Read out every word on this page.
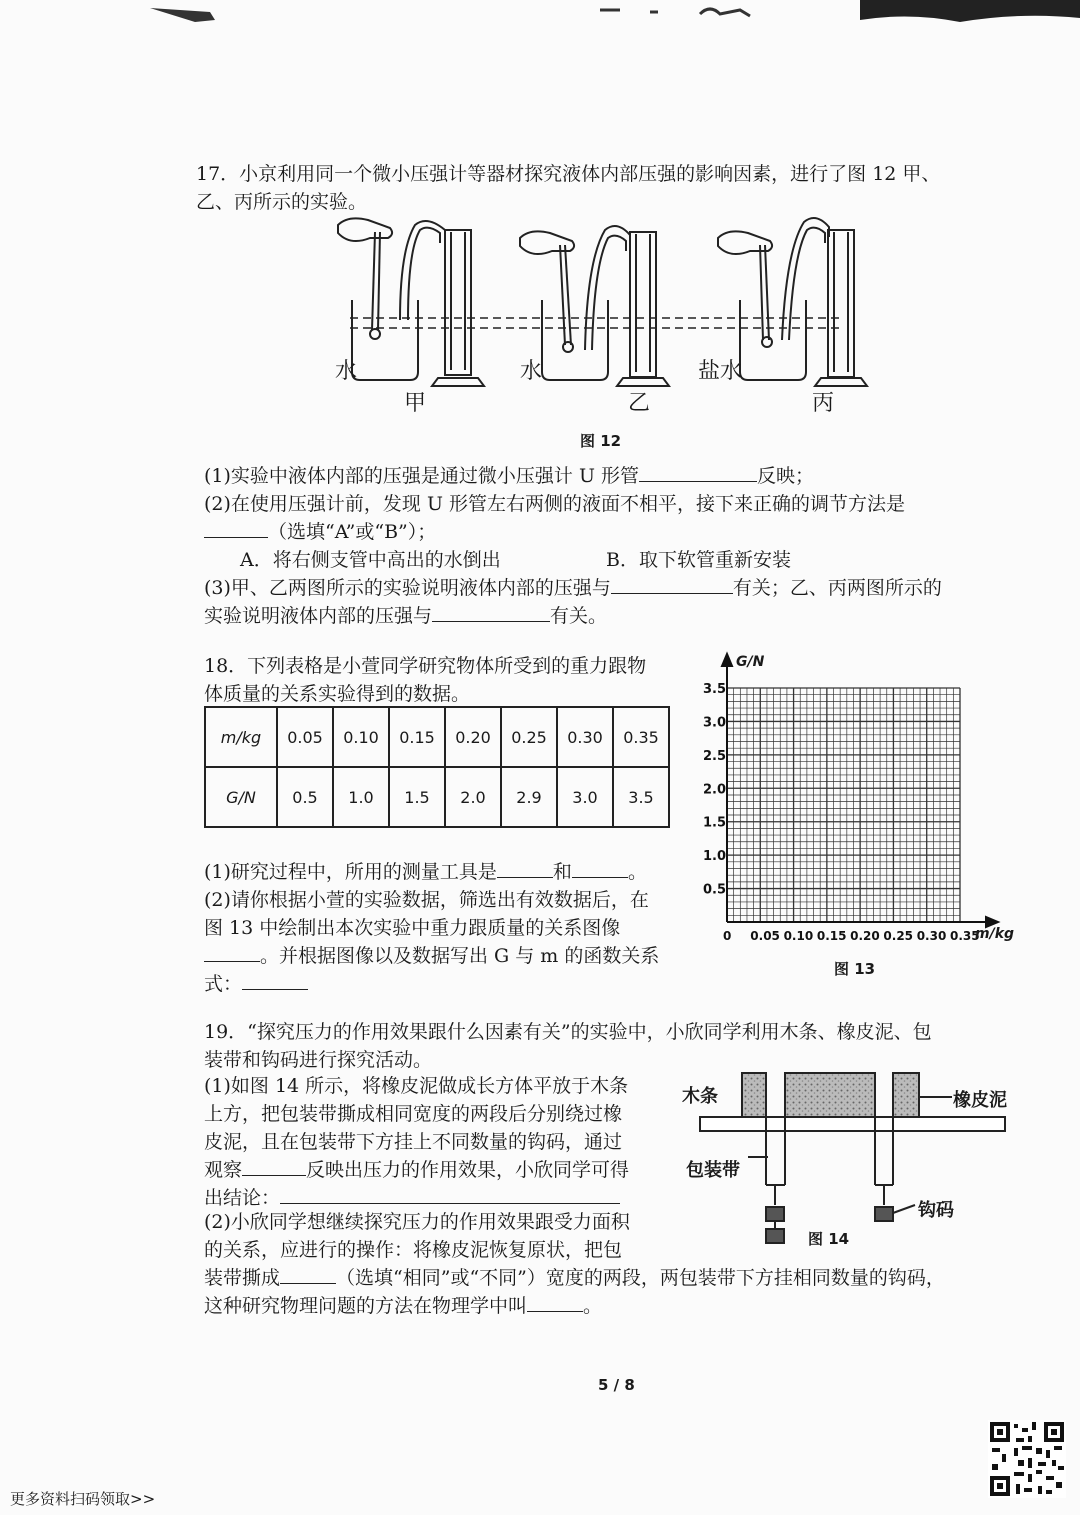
17．小京利用同一个微小压强计等器材探究液体内部压强的影响因素，进行了图 12 甲、
乙、丙所示的实验。
水
甲
水
乙
盐水
丙
图 12
(1)实验中液体内部的压强是通过微小压强计 U 形管	反映；
(2)在使用压强计前，发现 U 形管左右两侧的液面不相平，接下来正确的调节方法是
（选填“A”或“B”）；
A．将右侧支管中高出的水倒出	B．取下软管重新安装
(3)甲、乙两图所示的实验说明液体内部的压强与	有关；乙、丙两图所示的
实验说明液体内部的压强与	有关。
18．下列表格是小萱同学研究物体所受到的重力跟物
体质量的关系实验得到的数据。
m/kg	0.05	0.10	0.15	0.20	0.25	0.30	0.35
G/N	0.5	1.0	1.5	2.0	2.9	3.0	3.5
(1)研究过程中，所用的测量工具是	和	。
(2)请你根据小萱的实验数据，筛选出有效数据后，在
图 13 中绘制出本次实验中重力跟质量的关系图像
。并根据图像以及数据写出 G 与 m 的函数关系
式：
0.5
1.0
1.5
2.0
2.5
3.0
3.5
0 0.05 0.10 0.15 0.20 0.25 0.30 0.35
G/N
m/kg
图 13
19．“探究压力的作用效果跟什么因素有关”的实验中，小欣同学利用木条、橡皮泥、包
装带和钩码进行探究活动。
(1)如图 14 所示，将橡皮泥做成长方体平放于木条
上方，把包装带撕成相同宽度的两段后分别绕过橡
皮泥，且在包装带下方挂上不同数量的钩码，通过
观察	反映出压力的作用效果，小欣同学可得
出结论：
(2)小欣同学想继续探究压力的作用效果跟受力面积
的关系，应进行的操作：将橡皮泥恢复原状，把包
装带撕成	（选填“相同”或“不同”）宽度的两段，两包装带下方挂相同数量的钩码，
这种研究物理问题的方法在物理学中叫	。
木条	橡皮泥
包装带
钩码
图 14
5 / 8
更多资料扫码领取>>
